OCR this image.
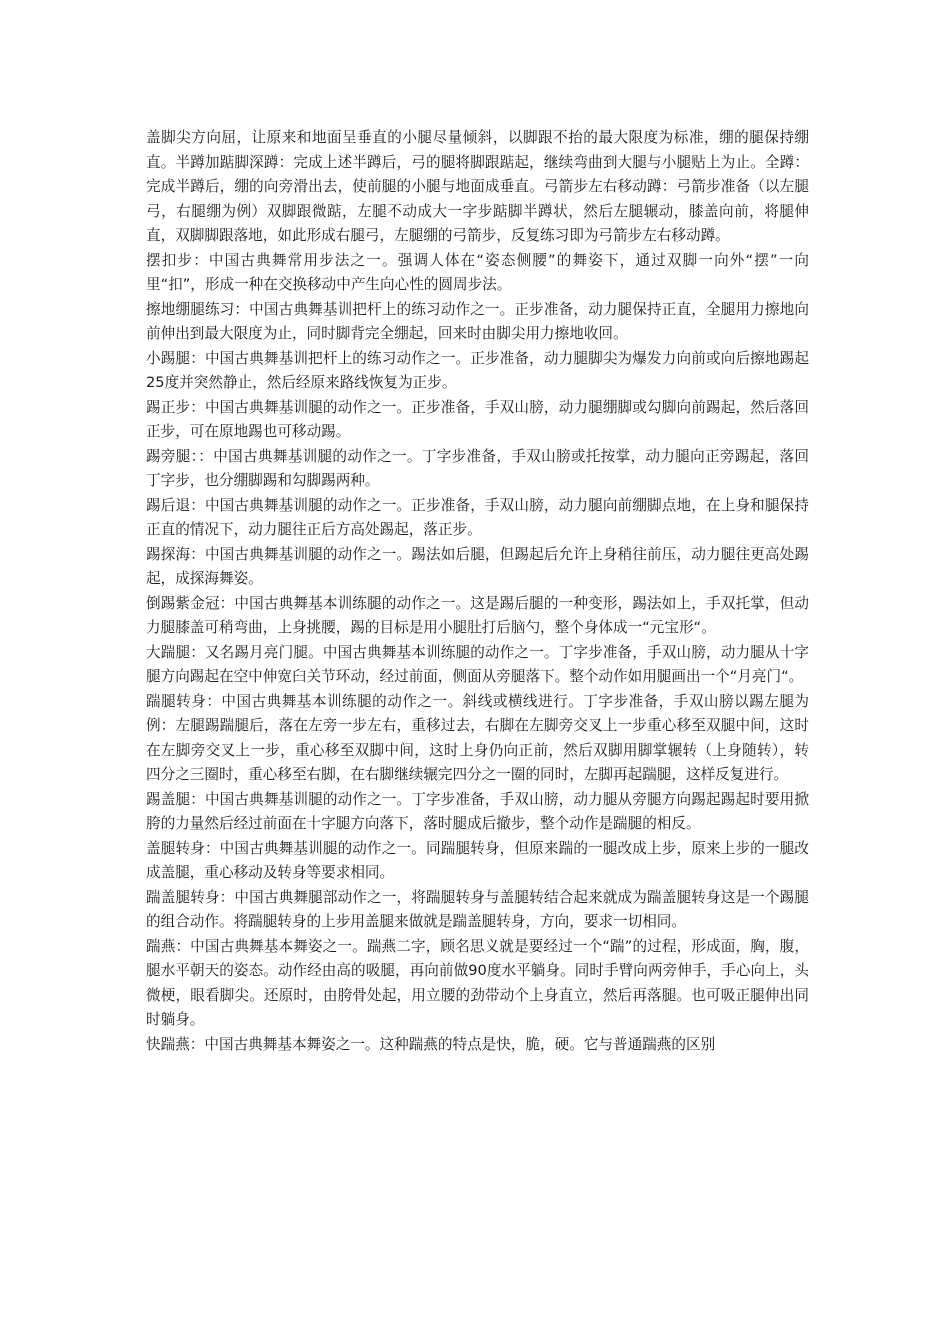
盖脚尖方向屈，让原来和地面呈垂直的小腿尽量倾斜，以脚跟不抬的最大限度为标准，绷的腿保持绷直。半蹲加踮脚深蹲：完成上述半蹲后，弓的腿将脚跟踮起，继续弯曲到大腿与小腿贴上为止。全蹲：完成半蹲后，绷的向旁滑出去，使前腿的小腿与地面成垂直。弓箭步左右移动蹲：弓箭步准备（以左腿弓，右腿绷为例）双脚跟微踮，左腿不动成大一字步踮脚半蹲状，然后左腿辗动，膝盖向前，将腿伸直，双脚脚跟落地，如此形成右腿弓，左腿绷的弓箭步，反复练习即为弓箭步左右移动蹲。

摆扣步：中国古典舞常用步法之一。强调人体在“姿态侧腰”的舞姿下，通过双脚一向外“摆”一向里“扣”，形成一种在交换移动中产生向心性的圆周步法。

擦地绷腿练习：中国古典舞基训把杆上的练习动作之一。正步准备，动力腿保持正直，全腿用力擦地向前伸出到最大限度为止，同时脚背完全绷起，回来时由脚尖用力擦地收回。

小踢腿：中国古典舞基训把杆上的练习动作之一。正步准备，动力腿脚尖为爆发力向前或向后擦地踢起25度并突然静止，然后经原来路线恢复为正步。

踢正步：中国古典舞基训腿的动作之一。正步准备，手双山膀，动力腿绷脚或勾脚向前踢起，然后落回正步，可在原地踢也可移动踢。

踢旁腿：：中国古典舞基训腿的动作之一。丁字步准备，手双山膀或托按掌，动力腿向正旁踢起，落回丁字步，也分绷脚踢和勾脚踢两种。

踢后退：中国古典舞基训腿的动作之一。正步准备，手双山膀，动力腿向前绷脚点地，在上身和腿保持正直的情况下，动力腿往正后方高处踢起，落正步。

踢探海：中国古典舞基训腿的动作之一。踢法如后腿，但踢起后允许上身稍往前压，动力腿往更高处踢起，成探海舞姿。

倒踢紫金冠：中国古典舞基本训练腿的动作之一。这是踢后腿的一种变形，踢法如上，手双托掌，但动力腿膝盖可稍弯曲，上身挑腰，踢的目标是用小腿肚打后脑勺，整个身体成一“元宝形“。

大踹腿：又名踢月亮门腿。中国古典舞基本训练腿的动作之一。丁字步准备，手双山膀，动力腿从十字腿方向踢起在空中伸宽臼关节环动，经过前面，侧面从旁腿落下。整个动作如用腿画出一个“月亮门“。

踹腿转身：中国古典舞基本训练腿的动作之一。斜线或横线进行。丁字步准备，手双山膀以踢左腿为例：左腿踢踹腿后，落在左旁一步左右，重移过去，右脚在左脚旁交叉上一步重心移至双腿中间，这时在左脚旁交叉上一步，重心移至双脚中间，这时上身仍向正前，然后双脚用脚掌辗转（上身随转），转四分之三圈时，重心移至右脚，在右脚继续辗完四分之一圈的同时，左脚再起踹腿，这样反复进行。

踢盖腿：中国古典舞基训腿的动作之一。丁字步准备，手双山膀，动力腿从旁腿方向踢起踢起时要用掀胯的力量然后经过前面在十字腿方向落下，落时腿成后撤步，整个动作是踹腿的相反。

盖腿转身：中国古典舞基训腿的动作之一。同踹腿转身，但原来踹的一腿改成上步，原来上步的一腿改成盖腿，重心移动及转身等要求相同。

踹盖腿转身：中国古典舞腿部动作之一，将踹腿转身与盖腿转结合起来就成为踹盖腿转身这是一个踢腿的组合动作。将踹腿转身的上步用盖腿来做就是踹盖腿转身，方向，要求一切相同。

踹燕：中国古典舞基本舞姿之一。踹燕二字，顾名思义就是要经过一个“踹”的过程，形成面，胸，腹，腿水平朝天的姿态。动作经由高的吸腿，再向前做90度水平躺身。同时手臂向两旁伸手，手心向上，头微梗，眼看脚尖。还原时，由胯骨处起，用立腰的劲带动个上身直立，然后再落腿。也可吸正腿伸出同时躺身。

快踹燕：中国古典舞基本舞姿之一。这种踹燕的特点是快，脆，硬。它与普通踹燕的区别
